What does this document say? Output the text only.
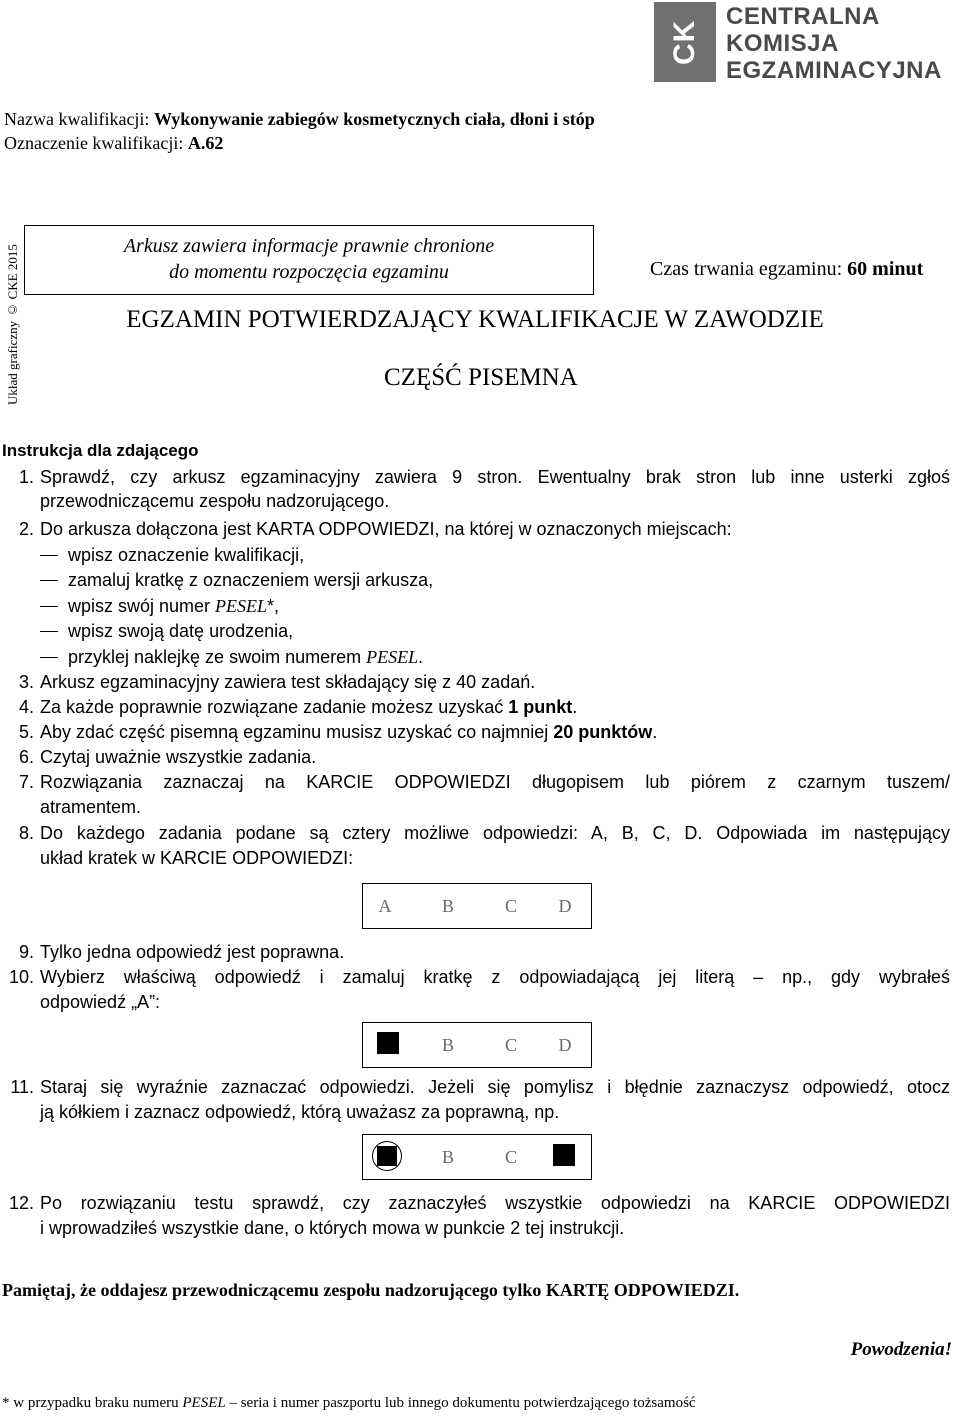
CK
CENTRALNA
KOMISJA
EGZAMINACYJNA
Nazwa kwalifikacji: Wykonywanie zabiegów kosmetycznych ciała, dłoni i stóp
Oznaczenie kwalifikacji: A.62
Układ graficzny © CKE 2015	Arkusz zawiera informacje prawnie chronione
do momentu rozpoczęcia egzaminu	Czas trwania egzaminu: 60 minut
EGZAMIN POTWIERDZAJĄCY KWALIFIKACJE W ZAWODZIE
CZĘŚĆ PISEMNA
Instrukcja dla zdającego
1. Sprawdź, czy arkusz egzaminacyjny zawiera 9 stron. Ewentualny brak stron lub inne usterki zgłoś
przewodniczącemu zespołu nadzorującego.
2. Do arkusza dołączona jest KARTA ODPOWIEDZI, na której w oznaczonych miejscach:
wpisz oznaczenie kwalifikacji,
zamaluj kratkę z oznaczeniem wersji arkusza,
wpisz swój numer PESEL*,
wpisz swoją datę urodzenia,
przyklej naklejkę ze swoim numerem PESEL.
3. Arkusz egzaminacyjny zawiera test składający się z 40 zadań.
4. Za każde poprawnie rozwiązane zadanie możesz uzyskać 1 punkt.
5. Aby zdać część pisemną egzaminu musisz uzyskać co najmniej 20 punktów.
6. Czytaj uważnie wszystkie zadania.
7. Rozwiązania zaznaczaj na KARCIE ODPOWIEDZI długopisem lub piórem z czarnym tuszem/
atramentem.
8. Do każdego zadania podane są cztery możliwe odpowiedzi: A, B, C, D. Odpowiada im następujący
układ kratek w KARCIE ODPOWIEDZI:
A	B	C D
9. Tylko jedna odpowiedź jest poprawna.
10. Wybierz właściwą odpowiedź i zamaluj kratkę z odpowiadającą jej literą – np., gdy wybrałeś
odpowiedź „A”:
B	C D
11. Staraj się wyraźnie zaznaczać odpowiedzi. Jeżeli się pomylisz i błędnie zaznaczysz odpowiedź, otocz
ją kółkiem i zaznacz odpowiedź, którą uważasz za poprawną, np.
B	C
12. Po rozwiązaniu testu sprawdź, czy zaznaczyłeś wszystkie odpowiedzi na KARCIE ODPOWIEDZI
i wprowadziłeś wszystkie dane, o których mowa w punkcie 2 tej instrukcji.
Pamiętaj, że oddajesz przewodniczącemu zespołu nadzorującego tylko KARTĘ ODPOWIEDZI.
Powodzenia!
* w przypadku braku numeru PESEL – seria i numer paszportu lub innego dokumentu potwierdzającego tożsamość
